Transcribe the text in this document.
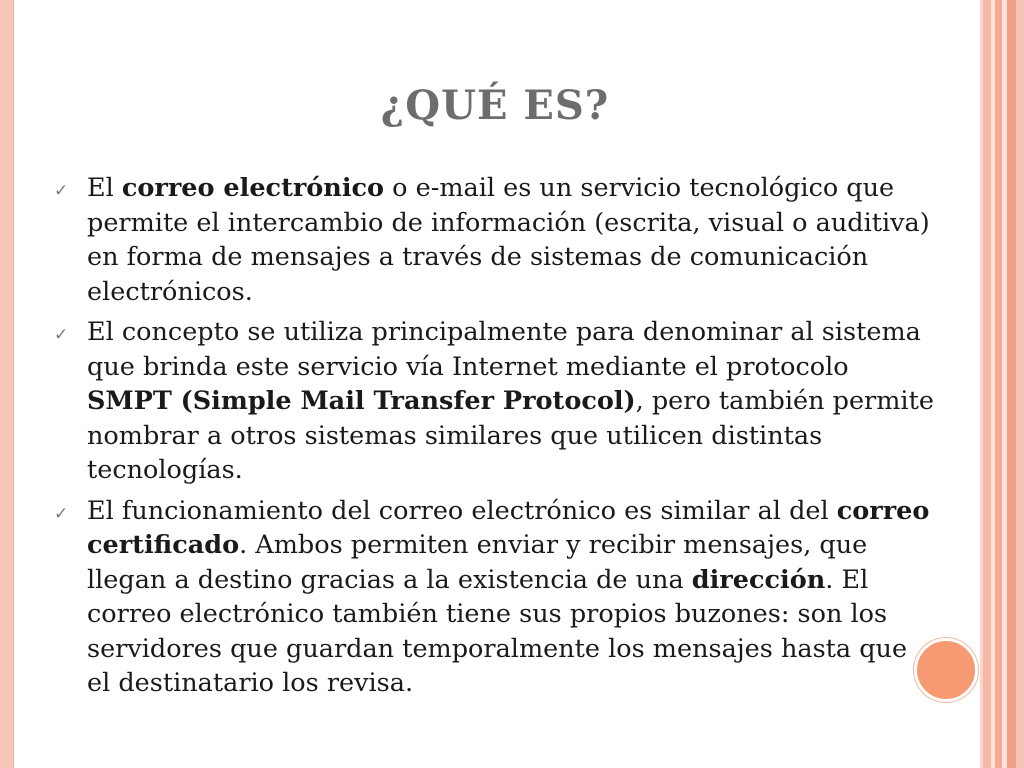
¿QUÉ ES?
✓ El correo electrónico o e-mail es un servicio tecnológico que permite el intercambio de información (escrita, visual o auditiva) en forma de mensajes a través de sistemas de comunicación electrónicos.
✓ El concepto se utiliza principalmente para denominar al sistema que brinda este servicio vía Internet mediante el protocolo SMPT (Simple Mail Transfer Protocol), pero también permite nombrar a otros sistemas similares que utilicen distintas tecnologías.
✓ El funcionamiento del correo electrónico es similar al del correo certificado. Ambos permiten enviar y recibir mensajes, que llegan a destino gracias a la existencia de una dirección. El correo electrónico también tiene sus propios buzones: son los servidores que guardan temporalmente los mensajes hasta que el destinatario los revisa.
